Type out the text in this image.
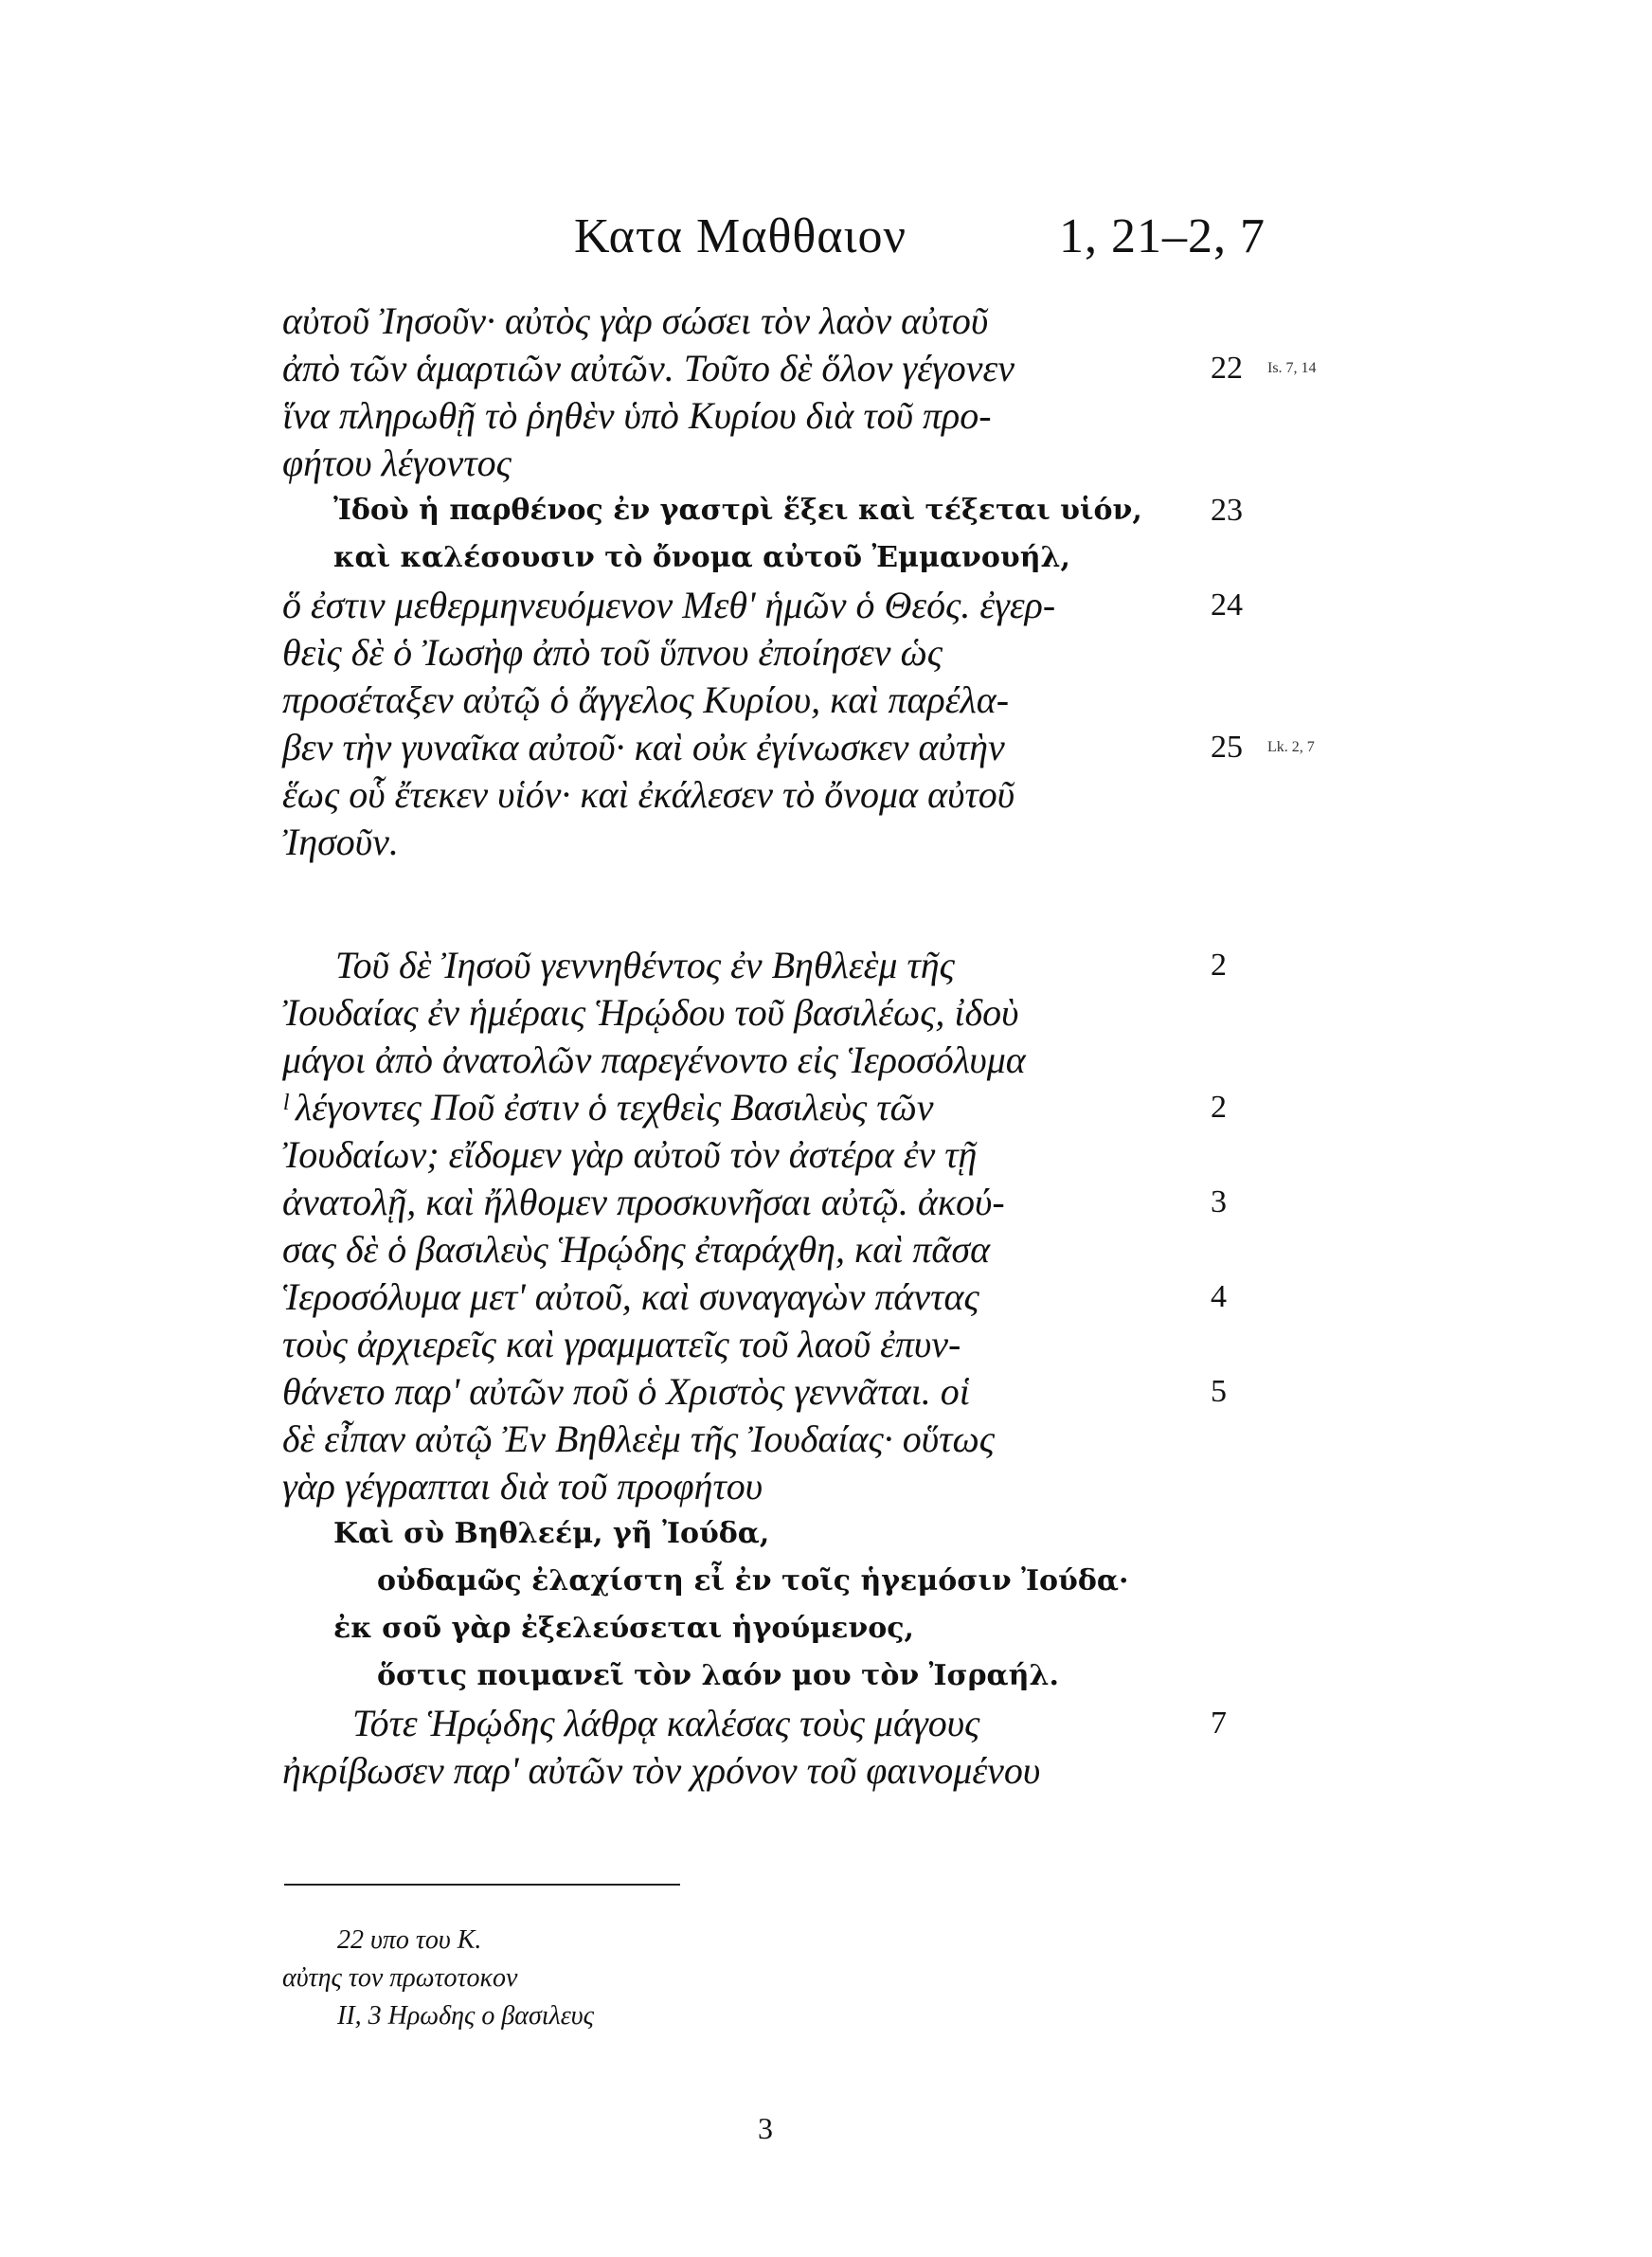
Κατα Μαθθαιον	1, 21–2, 7
αὐτοῦ Ἰησοῦν· αὐτὸς γὰρ σώσει τὸν λαὸν αὐτοῦ
ἀπὸ τῶν ἁμαρτιῶν αὐτῶν. Τοῦτο δὲ ὅλον γέγονεν
ἵνα πληρωθῇ τὸ ῥηθὲν ὑπὸ Κυρίου διὰ τοῦ προ-
φήτου λέγοντος
Ἰδοὺ ἡ παρθένος ἐν γαστρὶ ἕξει καὶ τέξεται υἱόν,
καὶ καλέσουσιν τὸ ὄνομα αὐτοῦ Ἐμμανουήλ,
ὅ ἐστιν μεθερμηνευόμενον Μεθ' ἡμῶν ὁ Θεός. ἐγερ-
θεὶς δὲ ὁ Ἰωσὴφ ἀπὸ τοῦ ὕπνου ἐποίησεν ὡς
προσέταξεν αὐτῷ ὁ ἄγγελος Κυρίου, καὶ παρέλα-
βεν τὴν γυναῖκα αὐτοῦ· καὶ οὐκ ἐγίνωσκεν αὐτὴν
ἕως οὗ ἔτεκεν υἱόν· καὶ ἐκάλεσεν τὸ ὄνομα αὐτοῦ
Ἰησοῦν.
22
23
24
25
Is. 7, 14
Lk. 2, 7
Τοῦ δὲ Ἰησοῦ γεννηθέντος ἐν Βηθλεὲμ τῆς
Ἰουδαίας ἐν ἡμέραις Ἡρῴδου τοῦ βασιλέως, ἰδοὺ
μάγοι ἀπὸ ἀνατολῶν παρεγένοντο εἰς Ἱεροσόλυμα
ˡ λέγοντες Ποῦ ἐστιν ὁ τεχθεὶς Βασιλεὺς τῶν
Ἰουδαίων; εἴδομεν γὰρ αὐτοῦ τὸν ἀστέρα ἐν τῇ
ἀνατολῇ, καὶ ἤλθομεν προσκυνῆσαι αὐτῷ. ἀκού-
σας δὲ ὁ βασιλεὺς Ἡρῴδης ἐταράχθη, καὶ πᾶσα
Ἱεροσόλυμα μετ' αὐτοῦ, καὶ συναγαγὼν πάντας
τοὺς ἀρχιερεῖς καὶ γραμματεῖς τοῦ λαοῦ ἐπυν-
θάνετο παρ' αὐτῶν ποῦ ὁ Χριστὸς γεννᾶται. οἱ
δὲ εἶπαν αὐτῷ Ἐν Βηθλεὲμ τῆς Ἰουδαίας· οὕτως
γὰρ γέγραπται διὰ τοῦ προφήτου
Καὶ σὺ Βηθλεέμ, γῆ Ἰούδα,
οὐδαμῶς ἐλαχίστη εἶ ἐν τοῖς ἡγεμόσιν Ἰούδα·
ἐκ σοῦ γὰρ ἐξελεύσεται ἡγούμενος,
ὅστις ποιμανεῖ τὸν λαόν μου τὸν Ἰσραήλ.
Τότε Ἡρῴδης λάθρᾳ καλέσας τοὺς μάγους
ἠκρίβωσεν παρ' αὐτῶν τὸν χρόνον τοῦ φαινομένου
2
2
3
4
5
7
22 υπο του Κ.
αὐτης τον πρωτοτοκον
II, 3 Ηρωδης ο βασιλευς
3
